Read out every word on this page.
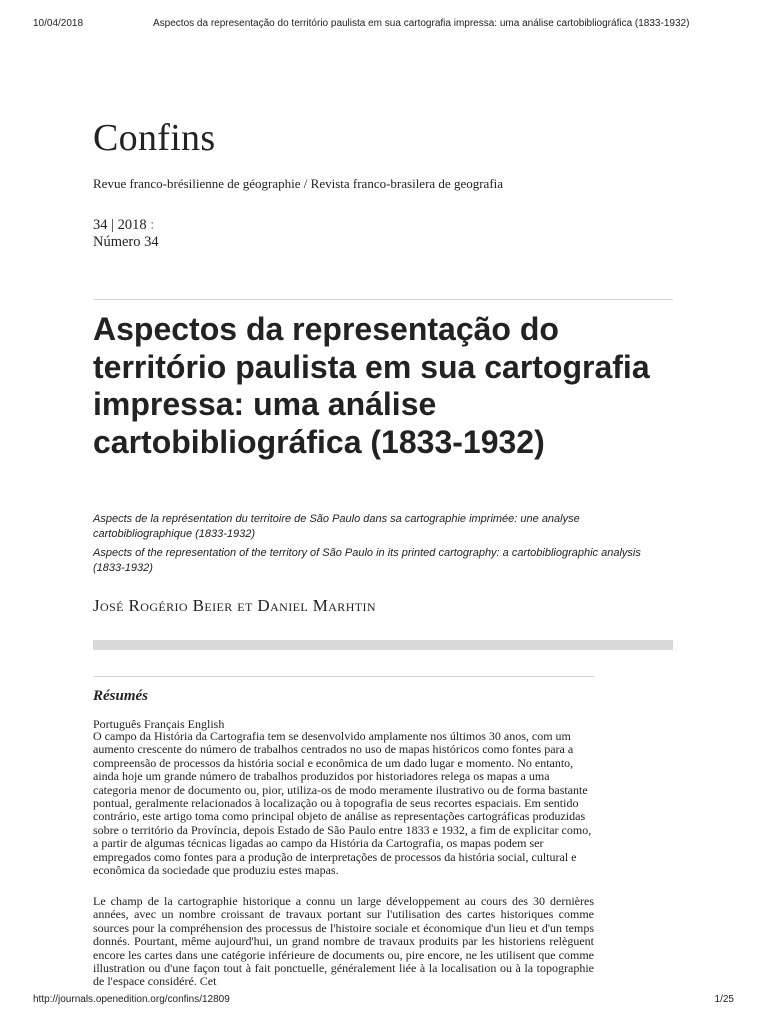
10/04/2018	Aspectos da representação do território paulista em sua cartografia impressa: uma análise cartobibliográfica (1833-1932)
Confins
Revue franco-brésilienne de géographie / Revista franco-brasilera de geografia
34 | 2018 :
Número 34
Aspectos da representação do território paulista em sua cartografia impressa: uma análise cartobibliográfica (1833-1932)

Aspects de la représentation du territoire de São Paulo dans sa cartographie imprimée: une analyse cartobibliographique (1833-1932)

Aspects of the representation of the territory of São Paulo in its printed cartography: a cartobibliographic analysis (1833-1932)

José Rogério Beier et Daniel Marhtin
Résumés
Português Français English

O campo da História da Cartografia tem se desenvolvido amplamente nos últimos 30 anos, com um aumento crescente do número de trabalhos centrados no uso de mapas históricos como fontes para a compreensão de processos da história social e econômica de um dado lugar e momento. No entanto, ainda hoje um grande número de trabalhos produzidos por historiadores relega os mapas a uma categoria menor de documento ou, pior, utiliza-os de modo meramente ilustrativo ou de forma bastante pontual, geralmente relacionados à localização ou à topografia de seus recortes espaciais. Em sentido contrário, este artigo toma como principal objeto de análise as representações cartográficas produzidas sobre o território da Província, depois Estado de São Paulo entre 1833 e 1932, a fim de explicitar como, a partir de algumas técnicas ligadas ao campo da História da Cartografia, os mapas podem ser empregados como fontes para a produção de interpretações de processos da história social, cultural e econômica da sociedade que produziu estes mapas.

Le champ de la cartographie historique a connu un large développement au cours des 30 dernières années, avec un nombre croissant de travaux portant sur l'utilisation des cartes historiques comme sources pour la compréhension des processus de l'histoire sociale et économique d'un lieu et d'un temps donnés. Pourtant, même aujourd'hui, un grand nombre de travaux produits par les historiens relèguent encore les cartes dans une catégorie inférieure de documents ou, pire encore, ne les utilisent que comme illustration ou d'une façon tout à fait ponctuelle, généralement liée à la localisation ou à la topographie de l'espace considéré. Cet

http://journals.openedition.org/confins/12809	1/25
